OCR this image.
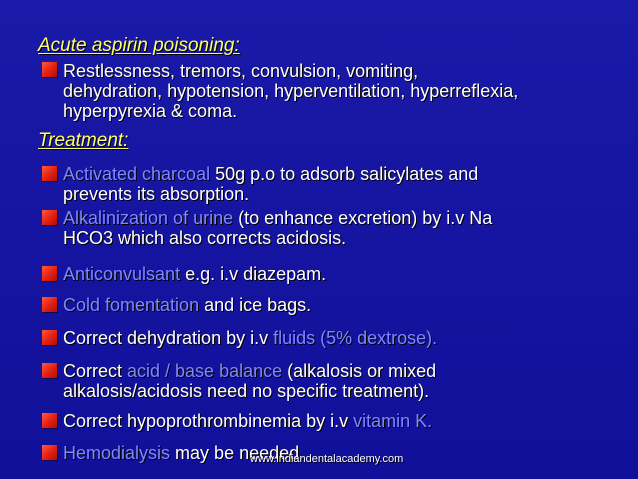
Acute aspirin poisoning:
Restlessness, tremors, convulsion, vomiting,
dehydration, hypotension, hyperventilation, hyperreflexia,
hyperpyrexia & coma.
Treatment:
Activated charcoal 50g p.o to adsorb salicylates and
prevents its absorption.
Alkalinization of urine (to enhance excretion) by i.v Na
HCO3 which also corrects acidosis.
Anticonvulsant e.g. i.v diazepam.
Cold fomentation and ice bags.
Correct dehydration by i.v fluids (5% dextrose).
Correct acid / base balance (alkalosis or mixed
alkalosis/acidosis need no specific treatment).
Correct hypoprothrombinemia by i.v vitamin K.
Hemodialysis may be needed.
www.indiandentalacademy.com
